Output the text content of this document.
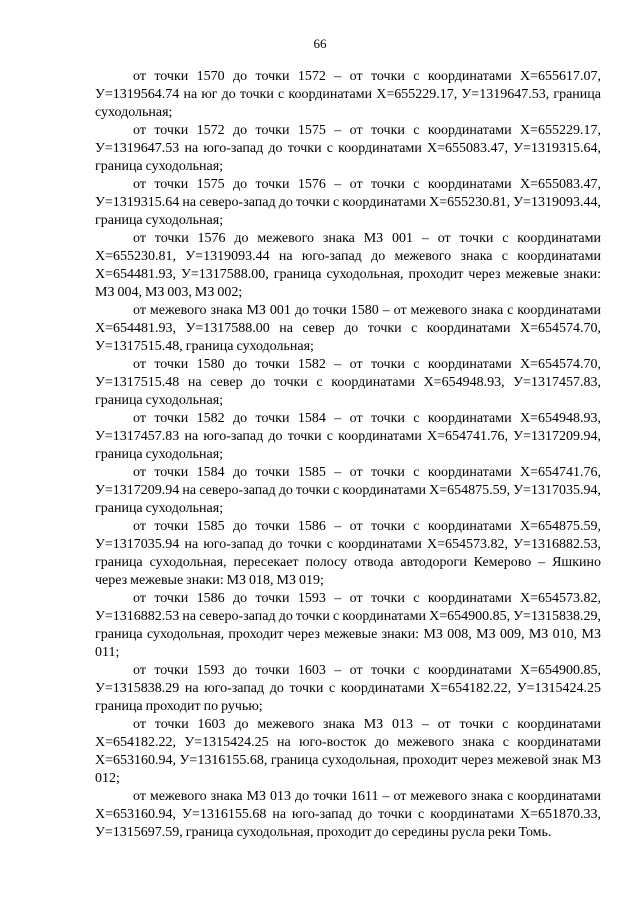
66

от точки 1570 до точки 1572 – от точки с координатами Х=655617.07, У=1319564.74 на юг до точки с координатами Х=655229.17, У=1319647.53, граница суходольная;

от точки 1572 до точки 1575 – от точки с координатами Х=655229.17, У=1319647.53 на юго-запад до точки с координатами Х=655083.47, У=1319315.64, граница суходольная;

от точки 1575 до точки 1576 – от точки с координатами Х=655083.47, У=1319315.64 на северо-запад до точки с координатами Х=655230.81, У=1319093.44, граница суходольная;

от точки 1576 до межевого знака МЗ 001 – от точки с координатами Х=655230.81, У=1319093.44 на юго-запад до межевого знака с координатами Х=654481.93, У=1317588.00, граница суходольная, проходит через межевые знаки: МЗ 004, МЗ 003, МЗ 002;

от межевого знака МЗ 001 до точки 1580 – от межевого знака с координатами Х=654481.93, У=1317588.00 на север до точки с координатами Х=654574.70, У=1317515.48, граница суходольная;

от точки 1580 до точки 1582 – от точки с координатами Х=654574.70, У=1317515.48 на север до точки с координатами Х=654948.93, У=1317457.83, граница суходольная;

от точки 1582 до точки 1584 – от точки с координатами Х=654948.93, У=1317457.83 на юго-запад до точки с координатами Х=654741.76, У=1317209.94, граница суходольная;

от точки 1584 до точки 1585 – от точки с координатами Х=654741.76, У=1317209.94 на северо-запад до точки с координатами Х=654875.59, У=1317035.94, граница суходольная;

от точки 1585 до точки 1586 – от точки с координатами Х=654875.59, У=1317035.94 на юго-запад до точки с координатами Х=654573.82, У=1316882.53, граница суходольная, пересекает полосу отвода автодороги Кемерово – Яшкино через межевые знаки: МЗ 018, МЗ 019;

от точки 1586 до точки 1593 – от точки с координатами Х=654573.82, У=1316882.53 на северо-запад до точки с координатами Х=654900.85, У=1315838.29, граница суходольная, проходит через межевые знаки: МЗ 008, МЗ 009, МЗ 010, МЗ 011;

от точки 1593 до точки 1603 – от точки с координатами Х=654900.85, У=1315838.29 на юго-запад до точки с координатами Х=654182.22, У=1315424.25 граница проходит по ручью;

от точки 1603 до межевого знака МЗ 013 – от точки с координатами Х=654182.22, У=1315424.25 на юго-восток до межевого знака с координатами Х=653160.94, У=1316155.68, граница суходольная, проходит через межевой знак МЗ 012;

от межевого знака МЗ 013 до точки 1611 – от межевого знака с координатами Х=653160.94, У=1316155.68 на юго-запад до точки с координатами Х=651870.33, У=1315697.59, граница суходольная, проходит до середины русла реки Томь.
